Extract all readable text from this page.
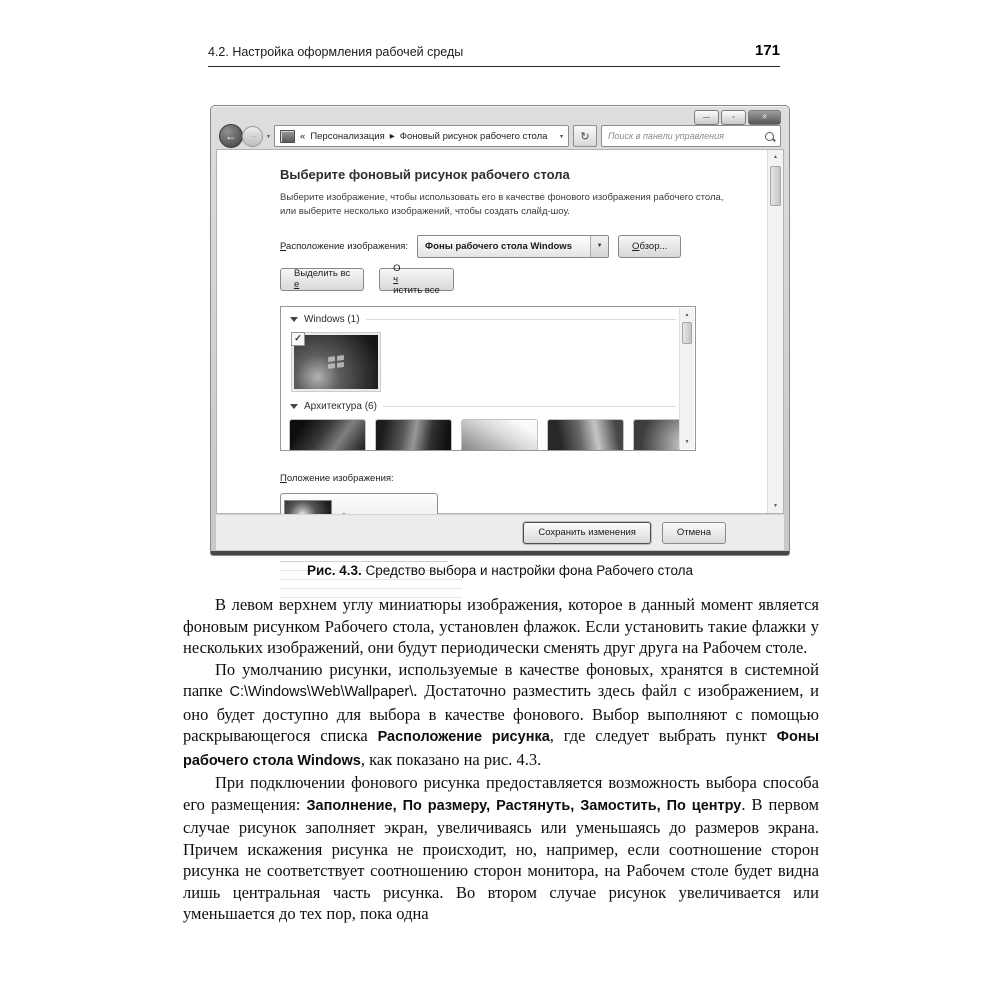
4.2. Настройка оформления рабочей среды	171
—	▫	✕
← → ▾	« Персонализация ▶ Фоновый рисунок рабочего стола ▾ ↻ Поиск в панели управления
Выберите фоновый рисунок рабочего стола
Выберите изображение, чтобы использовать его в качестве фонового изображения рабочего стола, или выберите несколько изображений, чтобы создать слайд-шоу.
Расположение изображения:	Фоны рабочего стола Windows	▼	Обзор...
Выделить вс
е
О
ч
истить все
Windows (1)
✓
Архитектура (6)
▲
▼
Положение изображения:
▲
▼
Сохранить изменения	Отмена
Рис. 4.3. Средство выбора и настройки фона Рабочего стола

В левом верхнем углу миниатюры изображения, которое в данный момент является фоновым рисунком Рабочего стола, установлен флажок. Если установить такие флажки у нескольких изображений, они будут периодически сменять друг друга на Рабочем столе.

По умолчанию рисунки, используемые в качестве фоновых, хранятся в системной папке C:\Windows\Web\Wallpaper\. Достаточно разместить здесь файл с изображением, и оно будет доступно для выбора в качестве фонового. Выбор выполняют с помощью раскрывающегося списка Расположение рисунка, где следует выбрать пункт Фоны рабочего стола Windows, как показано на рис. 4.3.

При подключении фонового рисунка предоставляется возможность выбора способа его размещения: Заполнение, По размеру, Растянуть, Замостить, По центру. В первом случае рисунок заполняет экран, увеличиваясь или уменьшаясь до размеров экрана. Причем искажения рисунка не происходит, но, например, если соотношение сторон рисунка не соответствует соотношению сторон монитора, на Рабочем столе будет видна лишь центральная часть рисунка. Во втором случае рисунок увеличивается или уменьшается до тех пор, пока одна
